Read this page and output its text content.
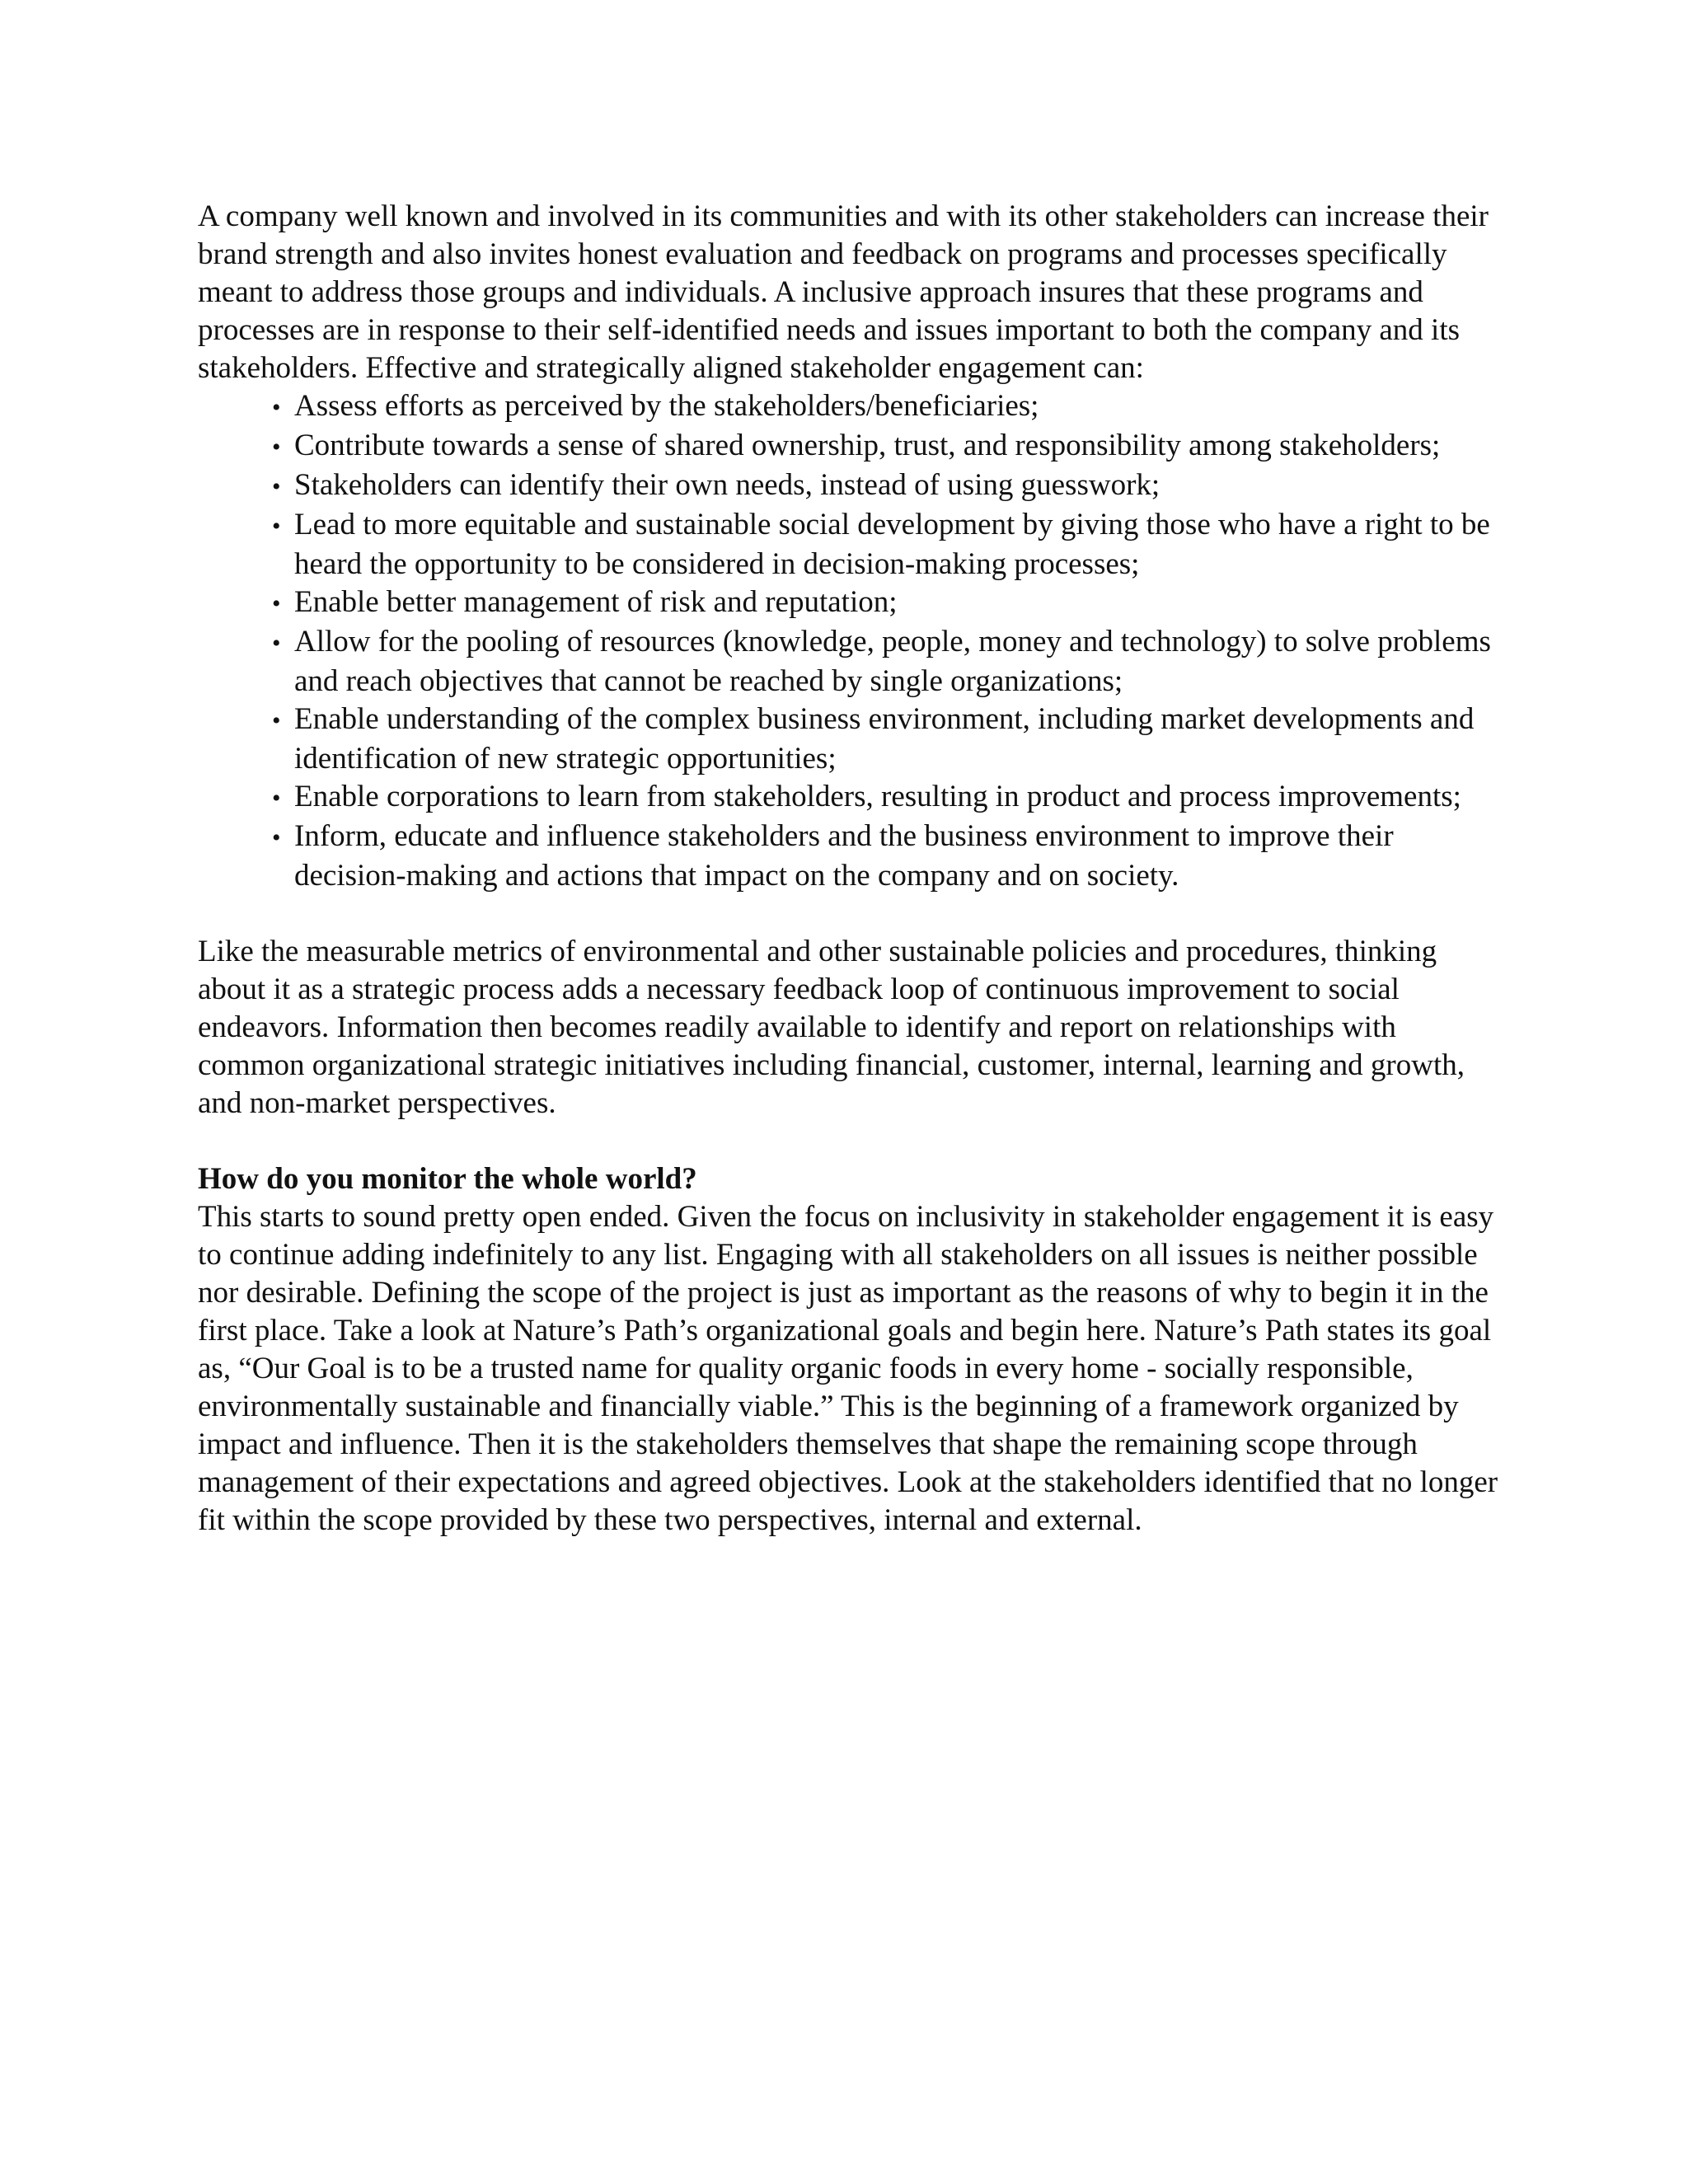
A company well known and involved in its communities and with its other stakeholders can increase their brand strength and also invites honest evaluation and feedback on programs and processes specifically meant to address those groups and individuals. A inclusive approach insures that these programs and processes are in response to their self-identified needs and issues important to both the company and its stakeholders. Effective and strategically aligned stakeholder engagement can:

• Assess efforts as perceived by the stakeholders/beneficiaries;
• Contribute towards a sense of shared ownership, trust, and responsibility among stakeholders;
• Stakeholders can identify their own needs, instead of using guesswork;
• Lead to more equitable and sustainable social development by giving those who have a right to be heard the opportunity to be considered in decision-making processes;
• Enable better management of risk and reputation;
• Allow for the pooling of resources (knowledge, people, money and technology) to solve problems and reach objectives that cannot be reached by single organizations;
• Enable understanding of the complex business environment, including market developments and identification of new strategic opportunities;
• Enable corporations to learn from stakeholders, resulting in product and process improvements;
• Inform, educate and influence stakeholders and the business environment to improve their decision-making and actions that impact on the company and on society.

Like the measurable metrics of environmental and other sustainable policies and procedures, thinking about it as a strategic process adds a necessary feedback loop of continuous improvement to social endeavors. Information then becomes readily available to identify and report on relationships with common organizational strategic initiatives including financial, customer, internal, learning and growth, and non-market perspectives.

How do you monitor the whole world?

This starts to sound pretty open ended. Given the focus on inclusivity in stakeholder engagement it is easy to continue adding indefinitely to any list. Engaging with all stakeholders on all issues is neither possible nor desirable. Defining the scope of the project is just as important as the reasons of why to begin it in the first place. Take a look at Nature’s Path’s organizational goals and begin here. Nature’s Path states its goal as, “Our Goal is to be a trusted name for quality organic foods in every home - socially responsible, environmentally sustainable and financially viable.” This is the beginning of a framework organized by impact and influence. Then it is the stakeholders themselves that shape the remaining scope through management of their expectations and agreed objectives. Look at the stakeholders identified that no longer fit within the scope provided by these two perspectives, internal and external.
